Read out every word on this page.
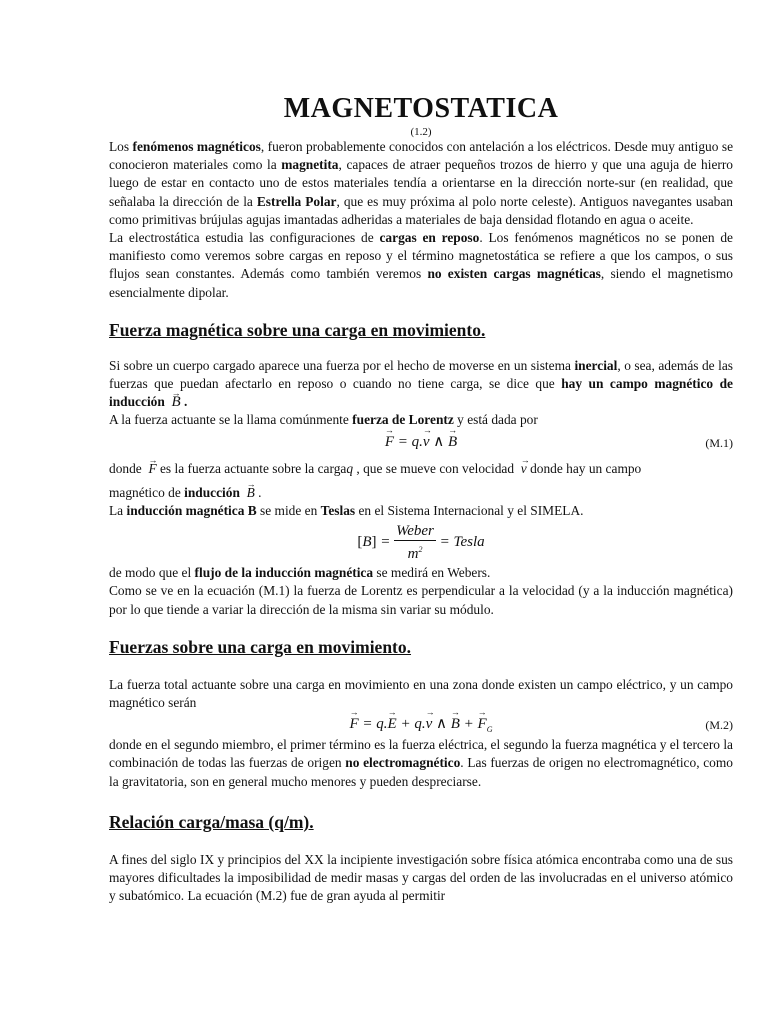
MAGNETOSTATICA
(1.2)

Los fenómenos magnéticos, fueron probablemente conocidos con antelación a los eléctricos. Desde muy antiguo se conocieron materiales como la magnetita, capaces de atraer pequeños trozos de hierro y que una aguja de hierro luego de estar en contacto uno de estos materiales tendía a orientarse en la dirección norte-sur (en realidad, que señalaba la dirección de la Estrella Polar, que es muy próxima al polo norte celeste). Antiguos navegantes usaban como primitivas brújulas agujas imantadas adheridas a materiales de baja densidad flotando en agua o aceite.

La electrostática estudia las configuraciones de cargas en reposo. Los fenómenos magnéticos no se ponen de manifiesto como veremos sobre cargas en reposo y el término magnetostática se refiere a que los campos, o sus flujos sean constantes. Además como también veremos no existen cargas magnéticas, siendo el magnetismo esencialmente dipolar.

Fuerza magnética sobre una carga en movimiento.

Si sobre un cuerpo cargado aparece una fuerza por el hecho de moverse en un sistema inercial, o sea, además de las fuerzas que puedan afectarlo en reposo o cuando no tiene carga, se dice que hay un campo magnético de inducción → B .

A la fuerza actuante se la llama comúnmente fuerza de Lorentz y está dada por

→ F = q.→ v ∧ → B	(M.1)

donde  → F es la fuerza actuante sobre la cargaq , que se mueve con velocidad  → v donde hay un campo

magnético de inducción → B .

La inducción magnética B se mide en Teslas en el Sistema Internacional y el SIMELA.

$[B] = \frac{\text{Weber}}{m^2}$ = Tesla

de modo que el flujo de la inducción magnética se medirá en Webers.

Como se ve en la ecuación (M.1) la fuerza de Lorentz es perpendicular a la velocidad (y a la inducción magnética) por lo que tiende a variar la dirección de la misma sin variar su módulo.

Fuerzas sobre una carga en movimiento.

La fuerza total actuante sobre una carga en movimiento en una zona donde existen un campo eléctrico, y un campo magnético serán

→ F = q.→ E + q.→ v ∧ → B + → $F_G$	(M.2)

donde en el segundo miembro, el primer término es la fuerza eléctrica, el segundo la fuerza magnética y el tercero la combinación de todas las fuerzas de origen no electromagnético. Las fuerzas de origen no electromagnético, como la gravitatoria, son en general mucho menores y pueden despreciarse.

Relación carga/masa (q/m).

A fines del siglo IX y principios del XX la incipiente investigación sobre física atómica encontraba como una de sus mayores dificultades la imposibilidad de medir masas y cargas del orden de las involucradas en el universo atómico y subatómico. La ecuación (M.2) fue de gran ayuda al permitir
